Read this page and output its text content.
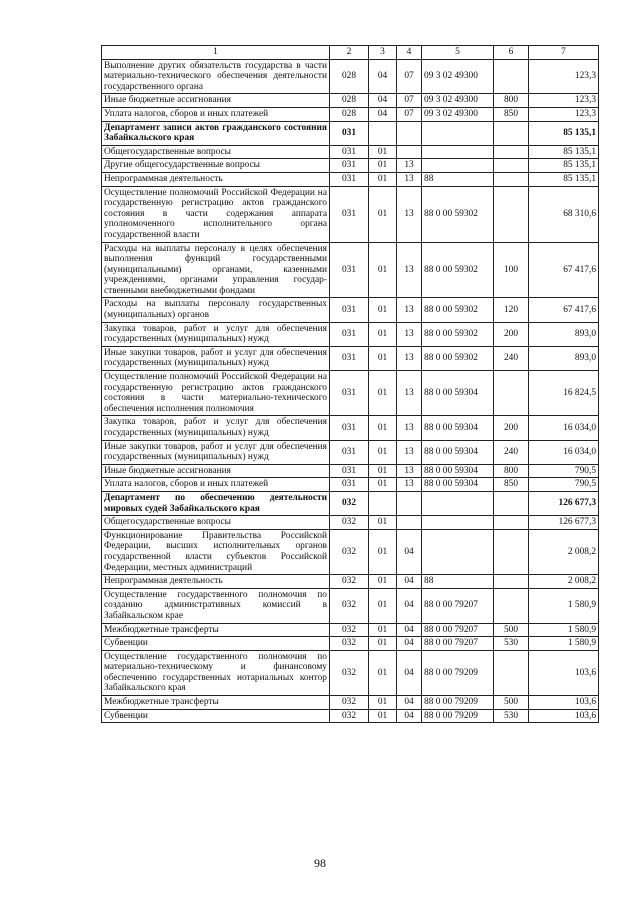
1	2	3	4	5	6	7
Выполнение других обязательств государства в части материально-технического обеспечения деятельности государственного органа	028	04	07	09 3 02 49300		123,3
Иные бюджетные ассигнования	028	04	07	09 3 02 49300	800	123,3
Уплата налогов, сборов и иных платежей	028	04	07	09 3 02 49300	850	123,3
Департамент записи актов гражданского состояния Забайкальского края	031					85 135,1
Общегосударственные вопросы	031	01				85 135,1
Другие общегосударственные вопросы	031	01	13			85 135,1
Непрограммная деятельность	031	01	13	88		85 135,1
Осуществление полномочий Российской Федерации на государственную регистрацию актов гражданского состояния в части содержания аппарата уполномоченного исполнительного органа государственной власти	031	01	13	88 0 00 59302		68 310,6
Расходы на выплаты персоналу в целях обеспечения выполнения функций государственными (муниципальными) органами, казенными учреждениями, органами управления государственными внебюджетными фондами	031	01	13	88 0 00 59302	100	67 417,6
Расходы на выплаты персоналу государственных (муниципальных) органов	031	01	13	88 0 00 59302	120	67 417,6
Закупка товаров, работ и услуг для обеспечения государственных (муниципальных) нужд	031	01	13	88 0 00 59302	200	893,0
Иные закупки товаров, работ и услуг для обеспечения государственных (муниципальных) нужд	031	01	13	88 0 00 59302	240	893,0
Осуществление полномочий Российской Федерации на государственную регистрацию актов гражданского состояния в части материально-технического обеспечения исполнения полномочия	031	01	13	88 0 00 59304		16 824,5
Закупка товаров, работ и услуг для обеспечения государственных (муниципальных) нужд	031	01	13	88 0 00 59304	200	16 034,0
Иные закупки товаров, работ и услуг для обеспечения государственных (муниципальных) нужд	031	01	13	88 0 00 59304	240	16 034,0
Иные бюджетные ассигнования	031	01	13	88 0 00 59304	800	790,5
Уплата налогов, сборов и иных платежей	031	01	13	88 0 00 59304	850	790,5
Департамент по обеспечению деятельности мировых судей Забайкальского края	032					126 677,3
Общегосударственные вопросы	032	01				126 677,3
Функционирование Правительства Российской Федерации, высших исполнительных органов государственной власти субъектов Российской Федерации, местных администраций	032	01	04			2 008,2
Непрограммная деятельность	032	01	04	88		2 008,2
Осуществление государственного полномочия по созданию административных комиссий в Забайкальском крае	032	01	04	88 0 00 79207		1 580,9
Межбюджетные трансферты	032	01	04	88 0 00 79207	500	1 580,9
Субвенции	032	01	04	88 0 00 79207	530	1 580,9
Осуществление государственного полномочия по материально-техническому и финансовому обеспечению государственных нотариальных контор Забайкальского края	032	01	04	88 0 00 79209		103,6
Межбюджетные трансферты	032	01	04	88 0 00 79209	500	103,6
Субвенции	032	01	04	88 0 00 79209	530	103,6
98
